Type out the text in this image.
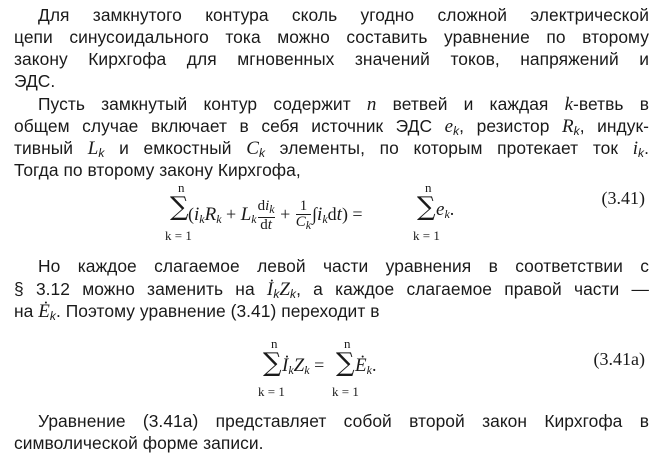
Для замкнутого контура сколь угодно сложной электрической
цепи синусоидального тока можно составить уравнение по второму
закону Кирхгофа для мгновенных значений токов, напряжений и
ЭДС.
Пусть замкнутый контур содержит n ветвей и каждая k-ветвь в
общем случае включает в себя источник ЭДС $e_k$, резистор $R_k$, индук-
тивный $L_k$ и емкостный $C_k$ элементы, по которым протекает ток $i_k$.
Тогда по второму закону Кирхгофа,
n
∑
k = 1
$(i_kR_k + L_k \frac{di_k}{dt} + \frac{1}{C_k} \int i_kdt)$ =
n
∑
k = 1
$e_k$.
(3.41)
Но каждое слагаемое левой части уравнения в соответствии с
§ 3.12 можно заменить на $İ_kZ_k$, а каждое слагаемое правой части —
на $Ė_k$. Поэтому уравнение (3.41) переходит в
n
∑
k = 1
$İ_kZ_k$ =
n
∑
k = 1
$Ė_k$.	(3.41а)
Уравнение (3.41а) представляет собой второй закон Кирхгофа в
символической форме записи.
